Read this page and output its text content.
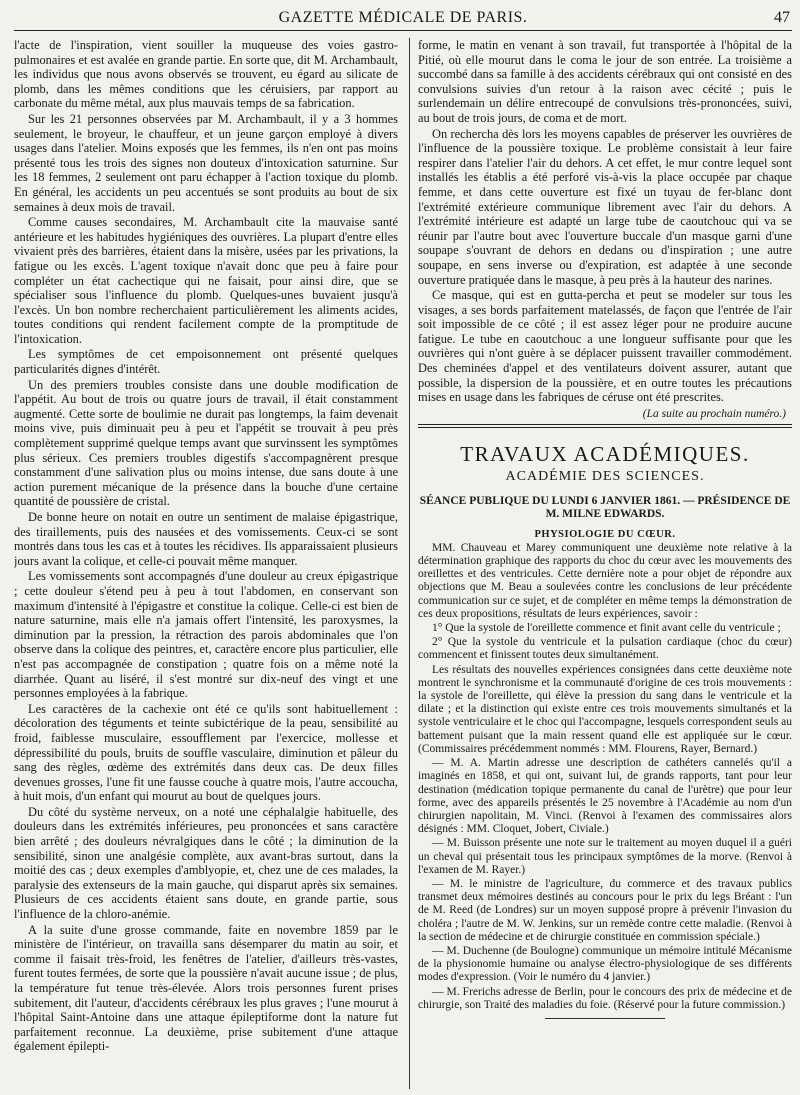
GAZETTE MÉDICALE DE PARIS.	47

l'acte de l'inspiration, vient souiller la muqueuse des voies gastro-pulmonaires et est avalée en grande partie. En sorte que, dit M. Archambault, les individus que nous avons observés se trouvent, eu égard au silicate de plomb, dans les mêmes conditions que les céruisiers, par rapport au carbonate du même métal, aux plus mauvais temps de sa fabrication.

Sur les 21 personnes observées par M. Archambault, il y a 3 hommes seulement, le broyeur, le chauffeur, et un jeune garçon employé à divers usages dans l'atelier. Moins exposés que les femmes, ils n'en ont pas moins présenté tous les trois des signes non douteux d'intoxication saturnine. Sur les 18 femmes, 2 seulement ont paru échapper à l'action toxique du plomb. En général, les accidents un peu accentués se sont produits au bout de six semaines à deux mois de travail.

Comme causes secondaires, M. Archambault cite la mauvaise santé antérieure et les habitudes hygiéniques des ouvrières. La plupart d'entre elles vivaient près des barrières, étaient dans la misère, usées par les privations, la fatigue ou les excès. L'agent toxique n'avait donc que peu à faire pour compléter un état cachectique qui ne faisait, pour ainsi dire, que se spécialiser sous l'influence du plomb. Quelques-unes buvaient jusqu'à l'excès. Un bon nombre recherchaient particulièrement les aliments acides, toutes conditions qui rendent facilement compte de la promptitude de l'intoxication.

Les symptômes de cet empoisonnement ont présenté quelques particularités dignes d'intérêt.

Un des premiers troubles consiste dans une double modification de l'appétit. Au bout de trois ou quatre jours de travail, il était constamment augmenté. Cette sorte de boulimie ne durait pas longtemps, la faim devenait moins vive, puis diminuait peu à peu et l'appétit se trouvait à peu près complètement supprimé quelque temps avant que survinssent les symptômes plus sérieux. Ces premiers troubles digestifs s'accompagnèrent presque constamment d'une salivation plus ou moins intense, due sans doute à une action purement mécanique de la présence dans la bouche d'une certaine quantité de poussière de cristal.

De bonne heure on notait en outre un sentiment de malaise épigastrique, des tiraillements, puis des nausées et des vomissements. Ceux-ci se sont montrés dans tous les cas et à toutes les récidives. Ils apparaissaient plusieurs jours avant la colique, et celle-ci pouvait même manquer.

Les vomissements sont accompagnés d'une douleur au creux épigastrique ; cette douleur s'étend peu à peu à tout l'abdomen, en conservant son maximum d'intensité à l'épigastre et constitue la colique. Celle-ci est bien de nature saturnine, mais elle n'a jamais offert l'intensité, les paroxysmes, la diminution par la pression, la rétraction des parois abdominales que l'on observe dans la colique des peintres, et, caractère encore plus particulier, elle n'est pas accompagnée de constipation ; quatre fois on a même noté la diarrhée. Quant au liséré, il s'est montré sur dix-neuf des vingt et une personnes employées à la fabrique.

Les caractères de la cachexie ont été ce qu'ils sont habituellement : décoloration des téguments et teinte subictérique de la peau, sensibilité au froid, faiblesse musculaire, essoufflement par l'exercice, mollesse et dépressibilité du pouls, bruits de souffle vasculaire, diminution et pâleur du sang des règles, œdème des extrémités dans deux cas. De deux filles devenues grosses, l'une fit une fausse couche à quatre mois, l'autre accoucha, à huit mois, d'un enfant qui mourut au bout de quelques jours.

Du côté du système nerveux, on a noté une céphalalgie habituelle, des douleurs dans les extrémités inférieures, peu prononcées et sans caractère bien arrêté ; des douleurs névralgiques dans le côté ; la diminution de la sensibilité, sinon une analgésie complète, aux avant-bras surtout, dans la moitié des cas ; deux exemples d'amblyopie, et, chez une de ces malades, la paralysie des extenseurs de la main gauche, qui disparut après six semaines. Plusieurs de ces accidents étaient sans doute, en grande partie, sous l'influence de la chloro-anémie.

A la suite d'une grosse commande, faite en novembre 1859 par le ministère de l'intérieur, on travailla sans désemparer du matin au soir, et comme il faisait très-froid, les fenêtres de l'atelier, d'ailleurs très-vastes, furent toutes fermées, de sorte que la poussière n'avait aucune issue ; de plus, la température fut tenue très-élevée. Alors trois personnes furent prises subitement, dit l'auteur, d'accidents cérébraux les plus graves ; l'une mourut à l'hôpital Saint-Antoine dans une attaque épileptiforme dont la nature fut parfaitement reconnue. La deuxième, prise subitement d'une attaque également épilepti-

forme, le matin en venant à son travail, fut transportée à l'hôpital de la Pitié, où elle mourut dans le coma le jour de son entrée. La troisième a succombé dans sa famille à des accidents cérébraux qui ont consisté en des convulsions suivies d'un retour à la raison avec cécité ; puis le surlendemain un délire entrecoupé de convulsions très-prononcées, suivi, au bout de trois jours, de coma et de mort.

On rechercha dès lors les moyens capables de préserver les ouvrières de l'influence de la poussière toxique. Le problème consistait à leur faire respirer dans l'atelier l'air du dehors. A cet effet, le mur contre lequel sont installés les établis a été perforé vis-à-vis la place occupée par chaque femme, et dans cette ouverture est fixé un tuyau de fer-blanc dont l'extrémité extérieure communique librement avec l'air du dehors. A l'extrémité intérieure est adapté un large tube de caoutchouc qui va se réunir par l'autre bout avec l'ouverture buccale d'un masque garni d'une soupape s'ouvrant de dehors en dedans ou d'inspiration ; une autre soupape, en sens inverse ou d'expiration, est adaptée à une seconde ouverture pratiquée dans le masque, à peu près à la hauteur des narines.

Ce masque, qui est en gutta-percha et peut se modeler sur tous les visages, a ses bords parfaitement matelassés, de façon que l'entrée de l'air soit impossible de ce côté ; il est assez léger pour ne produire aucune fatigue. Le tube en caoutchouc a une longueur suffisante pour que les ouvrières qui n'ont guère à se déplacer puissent travailler commodément. Des cheminées d'appel et des ventilateurs doivent assurer, autant que possible, la dispersion de la poussière, et en outre toutes les précautions mises en usage dans les fabriques de céruse ont été prescrites.

(La suite au prochain numéro.)
TRAVAUX ACADÉMIQUES.
ACADÉMIE DES SCIENCES.
SÉANCE PUBLIQUE DU LUNDI 6 JANVIER 1861. — PRÉSIDENCE DE
M. MILNE EDWARDS.
PHYSIOLOGIE DU CŒUR.

MM. Chauveau et Marey communiquent une deuxième note relative à la détermination graphique des rapports du choc du cœur avec les mouvements des oreillettes et des ventricules. Cette dernière note a pour objet de répondre aux objections que M. Beau a soulevées contre les conclusions de leur précédente communication sur ce sujet, et de compléter en même temps la démonstration de ces deux propositions, résultats de leurs expériences, savoir :

1° Que la systole de l'oreillette commence et finit avant celle du ventricule ;

2° Que la systole du ventricule et la pulsation cardiaque (choc du cœur) commencent et finissent toutes deux simultanément.

Les résultats des nouvelles expériences consignées dans cette deuxième note montrent le synchronisme et la communauté d'origine de ces trois mouvements : la systole de l'oreillette, qui élève la pression du sang dans le ventricule et la dilate ; et la distinction qui existe entre ces trois mouvements simultanés et la systole ventriculaire et le choc qui l'accompagne, lesquels correspondent seuls au battement puisant que la main ressent quand elle est appliquée sur le cœur. (Commissaires précédemment nommés : MM. Flourens, Rayer, Bernard.)

— M. A. Martin adresse une description de cathéters cannelés qu'il a imaginés en 1858, et qui ont, suivant lui, de grands rapports, tant pour leur destination (médication topique permanente du canal de l'urètre) que pour leur forme, avec des appareils présentés le 25 novembre à l'Académie au nom d'un chirurgien napolitain, M. Vinci. (Renvoi à l'examen des commissaires alors désignés : MM. Cloquet, Jobert, Civiale.)

— M. Buisson présente une note sur le traitement au moyen duquel il a guéri un cheval qui présentait tous les principaux symptômes de la morve. (Renvoi à l'examen de M. Rayer.)

— M. le ministre de l'agriculture, du commerce et des travaux publics transmet deux mémoires destinés au concours pour le prix du legs Bréant : l'un de M. Reed (de Londres) sur un moyen supposé propre à prévenir l'invasion du choléra ; l'autre de M. W. Jenkins, sur un remède contre cette maladie. (Renvoi à la section de médecine et de chirurgie constituée en commission spéciale.)

— M. Duchenne (de Boulogne) communique un mémoire intitulé Mécanisme de la physionomie humaine ou analyse électro-physiologique de ses différents modes d'expression. (Voir le numéro du 4 janvier.)

— M. Frerichs adresse de Berlin, pour le concours des prix de médecine et de chirurgie, son Traité des maladies du foie. (Réservé pour la future commission.)
